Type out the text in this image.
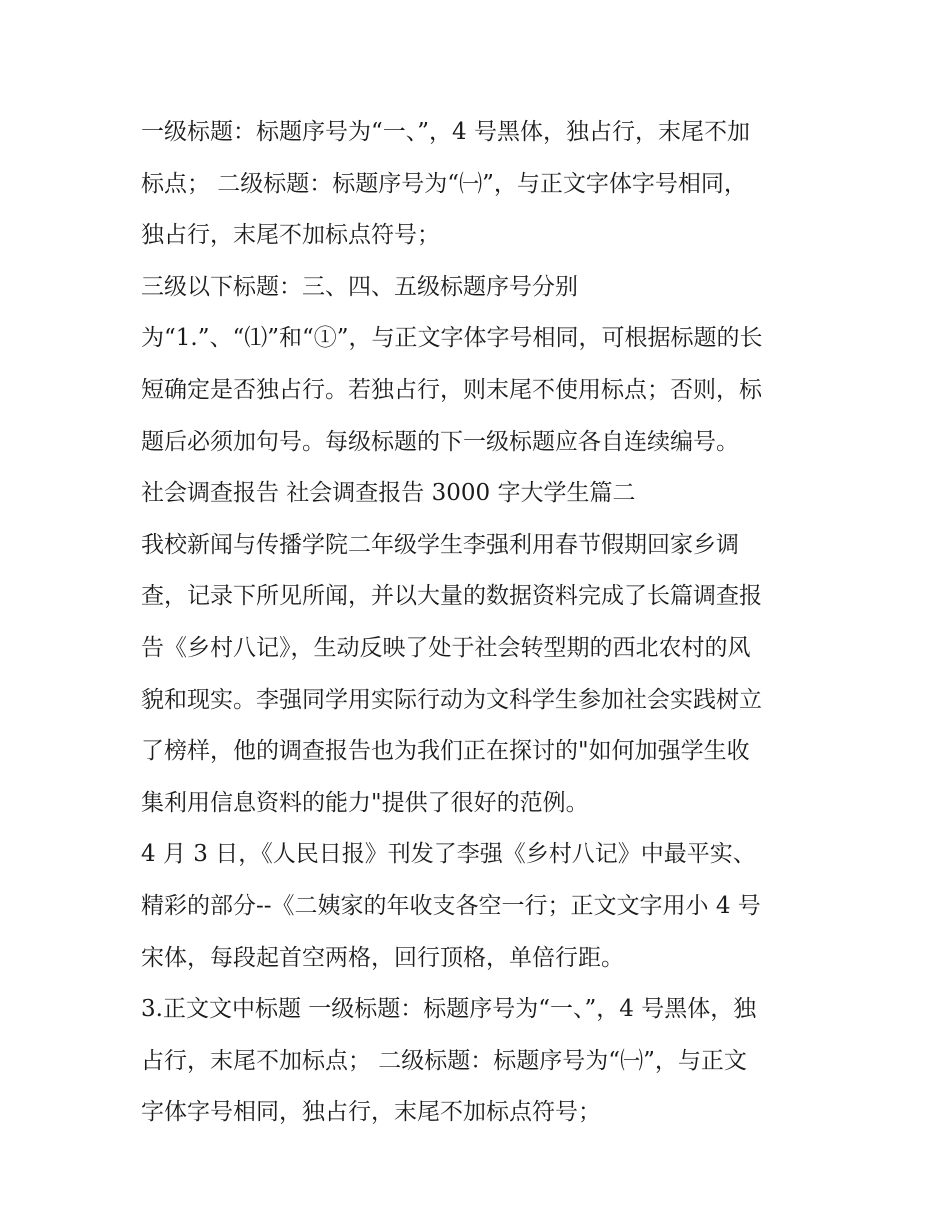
一级标题：标题序号为“一、”，4 号黑体，独占行，末尾不加
标点； 二级标题：标题序号为“㈠”，与正文字体字号相同，
独占行，末尾不加标点符号；
三级以下标题：三、四、五级标题序号分别
为“1.”、“⑴”和“①”，与正文字体字号相同，可根据标题的长
短确定是否独占行。若独占行，则末尾不使用标点；否则，标
题后必须加句号。每级标题的下一级标题应各自连续编号。
社会调查报告 社会调查报告 3000 字大学生篇二
我校新闻与传播学院二年级学生李强利用春节假期回家乡调
查，记录下所见所闻，并以大量的数据资料完成了长篇调查报
告《乡村八记》，生动反映了处于社会转型期的西北农村的风
貌和现实。李强同学用实际行动为文科学生参加社会实践树立
了榜样，他的调查报告也为我们正在探讨的"如何加强学生收
集利用信息资料的能力"提供了很好的范例。
4 月 3 日，《人民日报》刊发了李强《乡村八记》中最平实、
精彩的部分--《二姨家的年收支各空一行；正文文字用小 4 号
宋体，每段起首空两格，回行顶格，单倍行距。
3.正文文中标题 一级标题：标题序号为“一、”，4 号黑体，独
占行，末尾不加标点； 二级标题：标题序号为“㈠”，与正文
字体字号相同，独占行，末尾不加标点符号；
